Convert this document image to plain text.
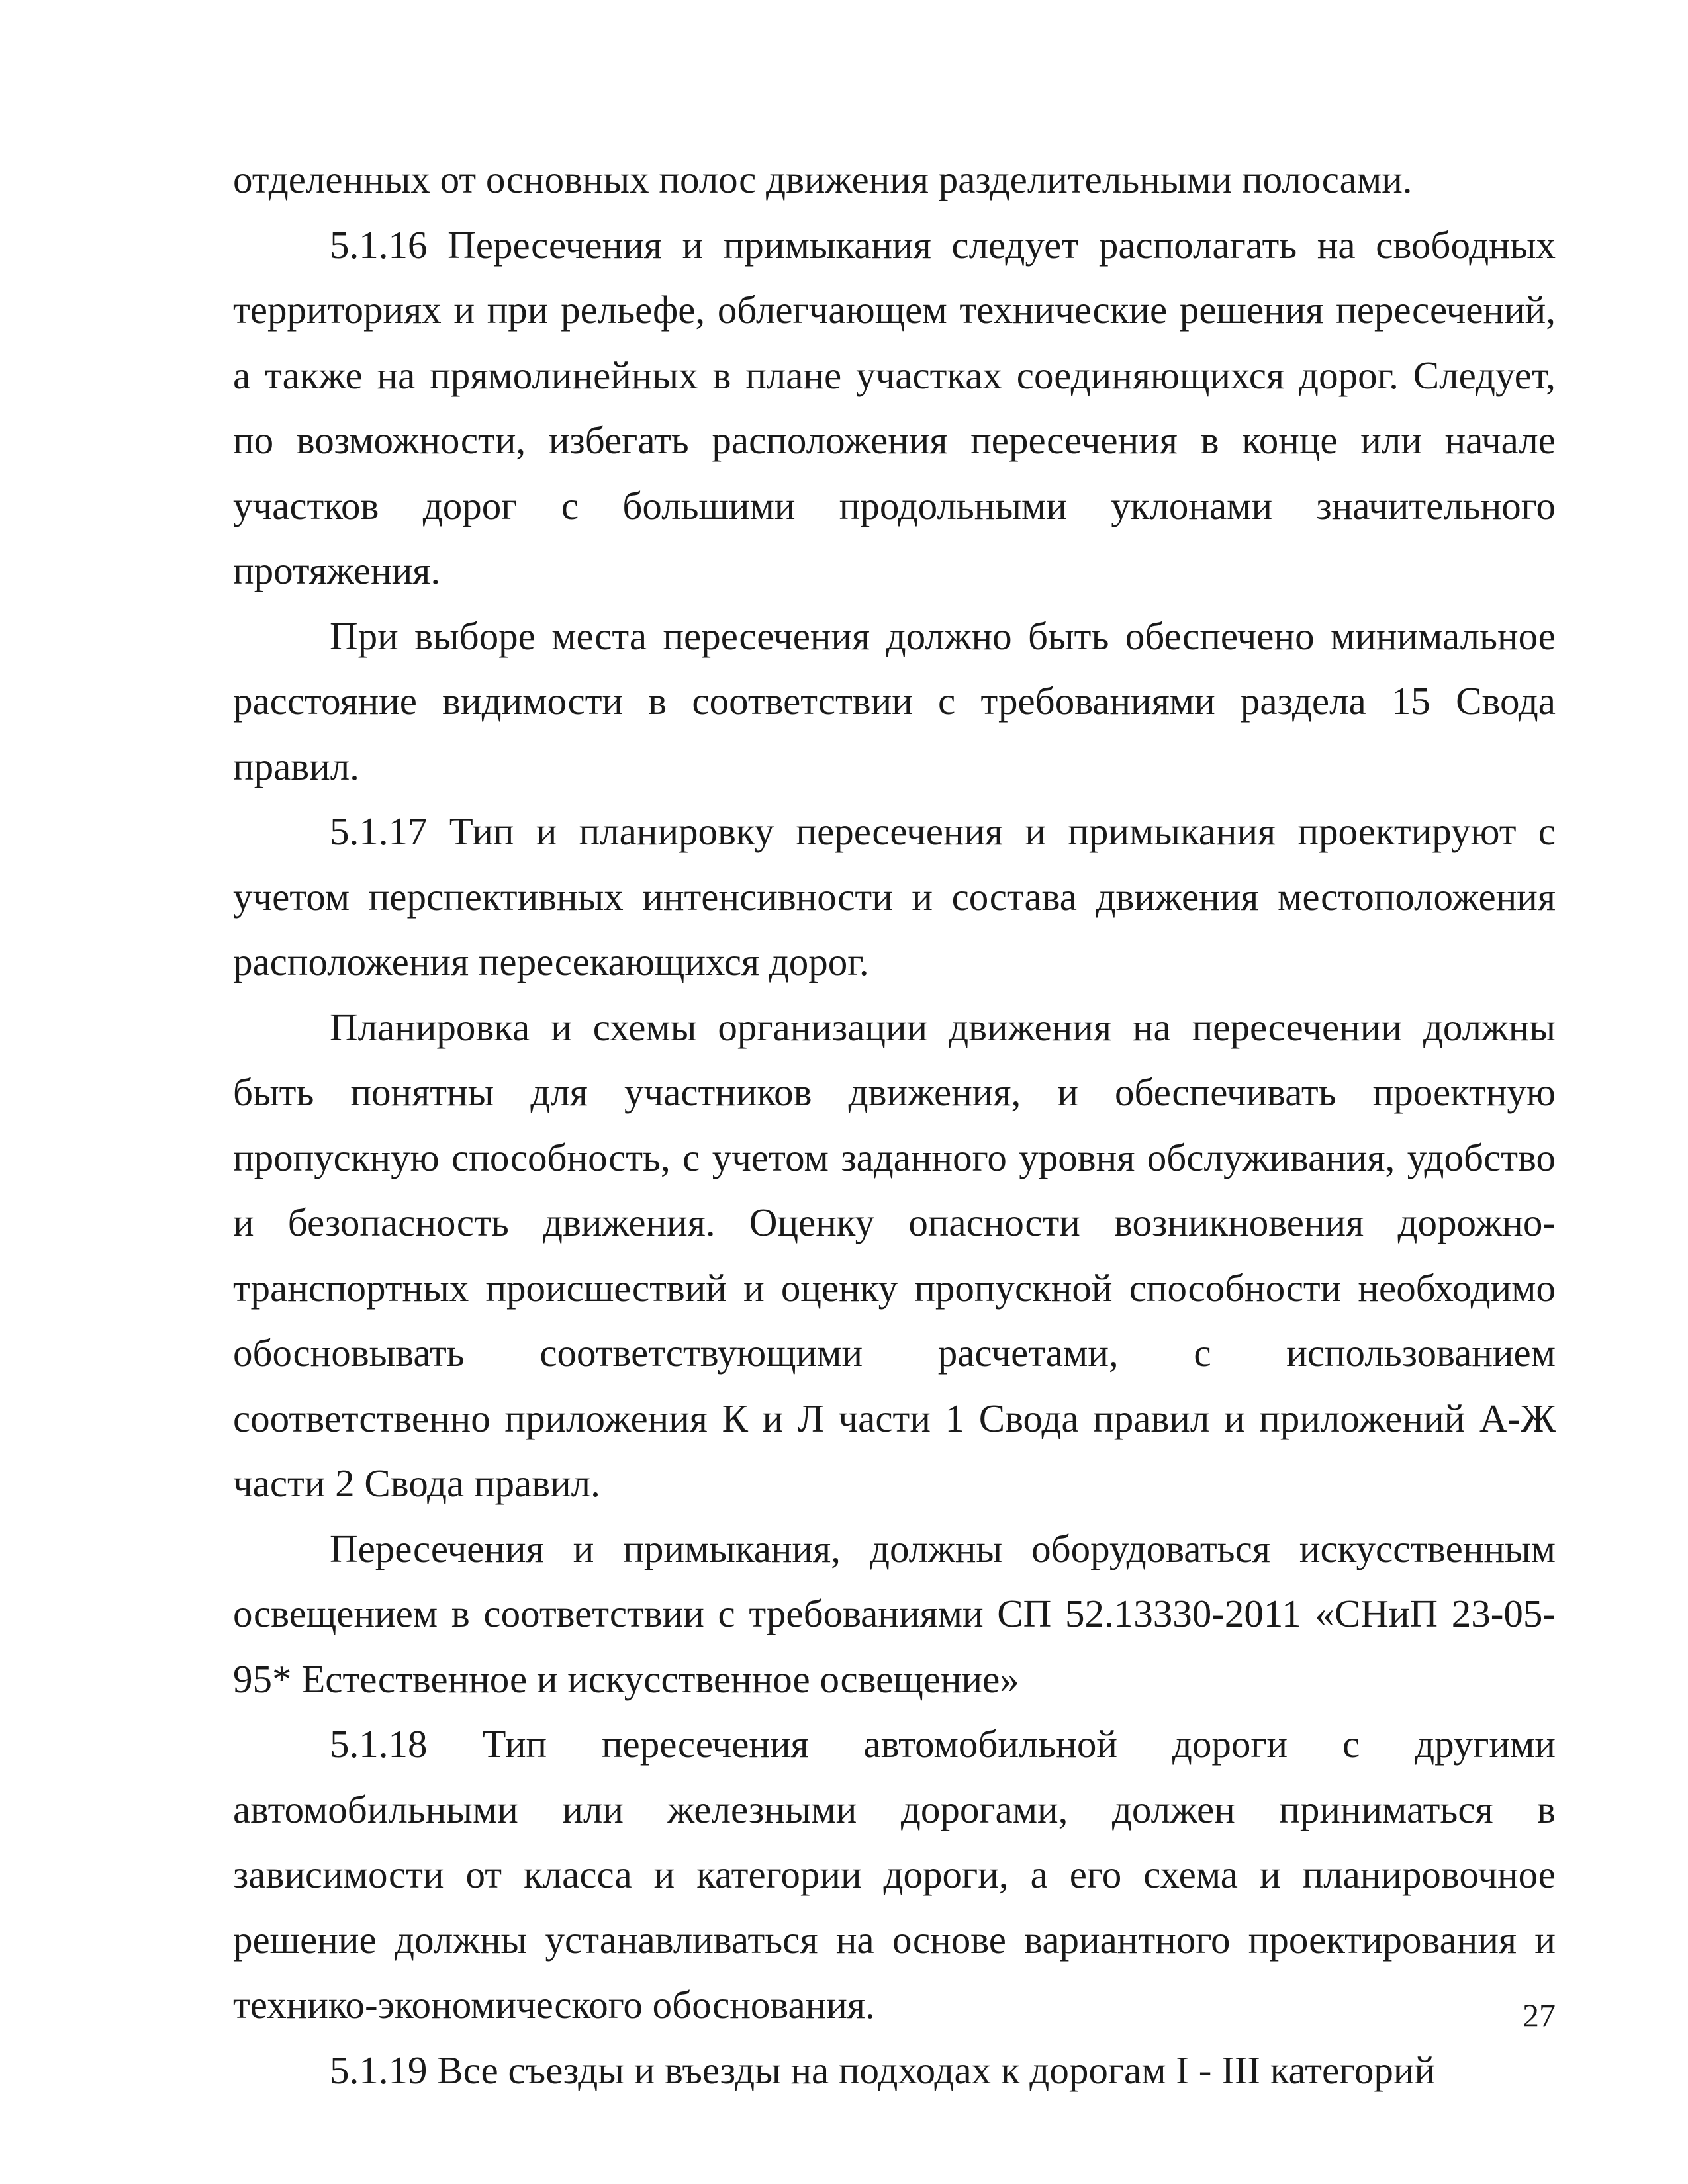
отделенных от основных полос движения разделительными полосами.

5.1.16 Пересечения и примыкания следует располагать на свободных территориях и при рельефе, облегчающем технические решения пересечений, а также на прямолинейных в плане участках соединяющихся дорог. Следует, по возможности, избегать расположения пересечения в конце или начале участков дорог с большими продольными уклонами значительного протяжения.

При выборе места пересечения должно быть обеспечено минимальное расстояние видимости в соответствии с требованиями раздела 15 Свода правил.

5.1.17 Тип и планировку пересечения и примыкания проектируют с учетом перспективных интенсивности и состава движения местоположения расположения пересекающихся дорог.

Планировка и схемы организации движения на пересечении должны быть понятны для участников движения, и обеспечивать проектную пропускную способность, с учетом заданного уровня обслуживания, удобство и безопасность движения. Оценку опасности возникновения дорожно-транспортных происшествий и оценку пропускной способности необходимо обосновывать соответствующими расчетами, с использованием соответственно приложения К и Л части 1 Свода правил и приложений А-Ж части 2 Свода правил.

Пересечения и примыкания, должны оборудоваться искусственным освещением в соответствии с требованиями СП 52.13330-2011 «СНиП 23-05-95* Естественное и искусственное освещение»

5.1.18 Тип пересечения автомобильной дороги с другими автомобильными или железными дорогами, должен приниматься в зависимости от класса и категории дороги, а его схема и планировочное решение должны устанавливаться на основе вариантного проектирования и технико-экономического обоснования.

5.1.19 Все съезды и въезды на подходах к дорогам I - III категорий

27
